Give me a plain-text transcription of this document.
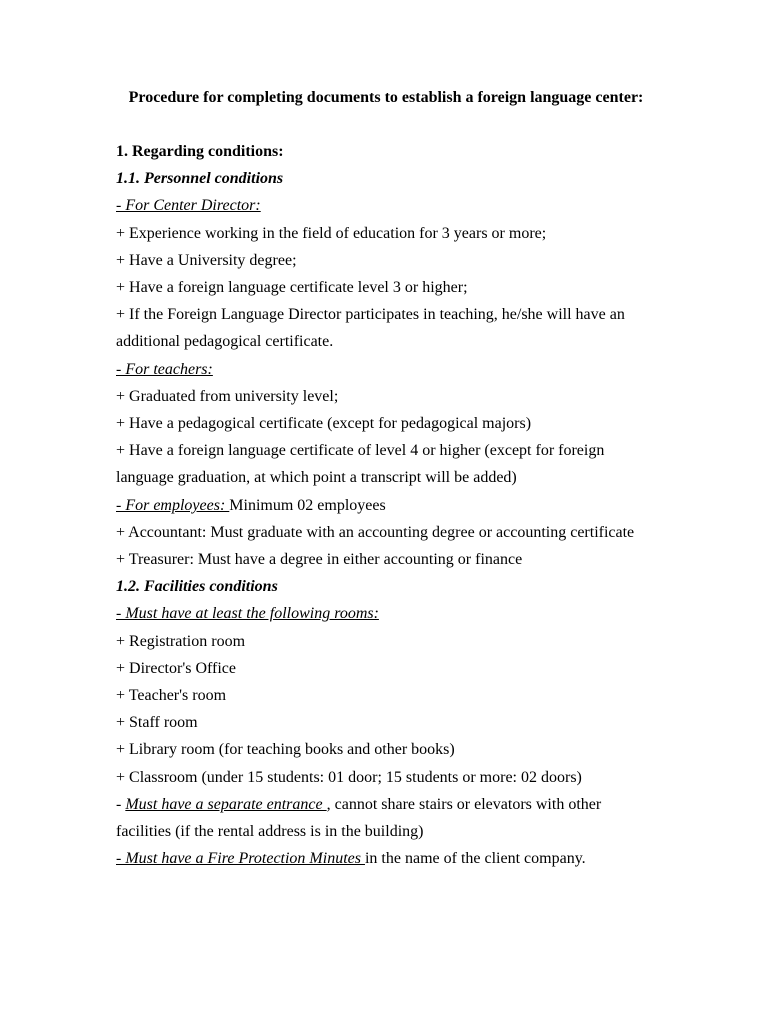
Procedure for completing documents to establish a foreign language center:

1. Regarding conditions:

1.1. Personnel conditions

- For Center Director:

+ Experience working in the field of education for 3 years or more;

+ Have a University degree;

+ Have a foreign language certificate level 3 or higher;

+ If the Foreign Language Director participates in teaching, he/she will have an additional pedagogical certificate.

- For teachers:

+ Graduated from university level;

+ Have a pedagogical certificate (except for pedagogical majors)

+ Have a foreign language certificate of level 4 or higher (except for foreign language graduation, at which point a transcript will be added)

- For employees: Minimum 02 employees

+ Accountant: Must graduate with an accounting degree or accounting certificate

+ Treasurer: Must have a degree in either accounting or finance

1.2. Facilities conditions

- Must have at least the following rooms:

+ Registration room

+ Director's Office

+ Teacher's room

+ Staff room

+ Library room (for teaching books and other books)

+ Classroom (under 15 students: 01 door; 15 students or more: 02 doors)

- Must have a separate entrance , cannot share stairs or elevators with other facilities (if the rental address is in the building)

- Must have a Fire Protection Minutes in the name of the client company.
